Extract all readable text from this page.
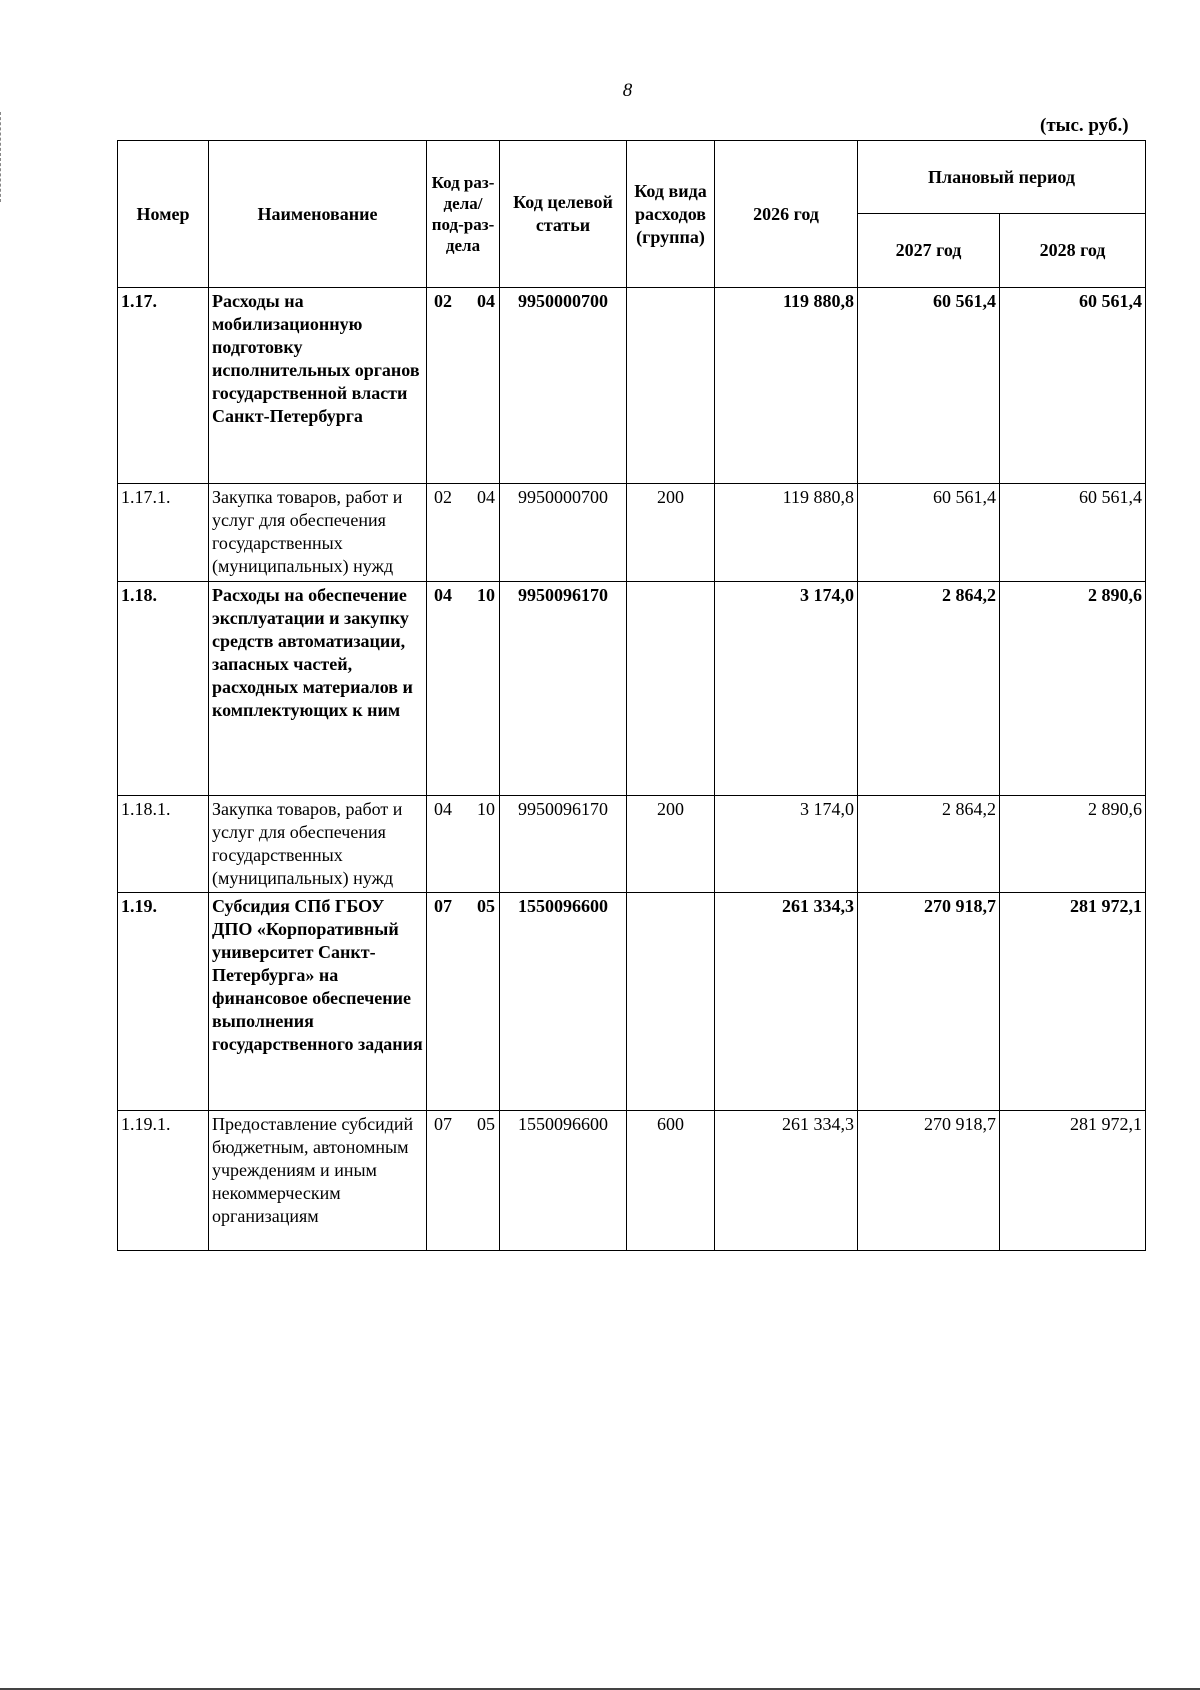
8
(тыс. руб.)
Номер	Наименование	Код раз-дела/ под-раз-дела	Код целевой статьи	Код вида расходов (группа)	2026 год	Плановый период	
						2027 год	2028 год
1.17.	Расходы на мобилизационную подготовку исполнительных органов государственной власти Санкт-Петербурга	02 04	9950000700		119 880,8	60 561,4	60 561,4
1.17.1.	Закупка товаров, работ и услуг для обеспечения государственных (муниципальных) нужд	02 04	9950000700	200	119 880,8	60 561,4	60 561,4
1.18.	Расходы на обеспечение эксплуатации и закупку средств автоматизации, запасных частей, расходных материалов и комплектующих к ним	04 10	9950096170		3 174,0	2 864,2	2 890,6
1.18.1.	Закупка товаров, работ и услуг для обеспечения государственных (муниципальных) нужд	04 10	9950096170	200	3 174,0	2 864,2	2 890,6
1.19.	Субсидия СПб ГБОУ ДПО «Корпоративный университет Санкт-Петербурга» на финансовое обеспечение выполнения государственного задания	07 05	1550096600		261 334,3	270 918,7	281 972,1
1.19.1.	Предоставление субсидий бюджетным, автономным учреждениям и иным некоммерческим организациям	07 05	1550096600	600	261 334,3	270 918,7	281 972,1
